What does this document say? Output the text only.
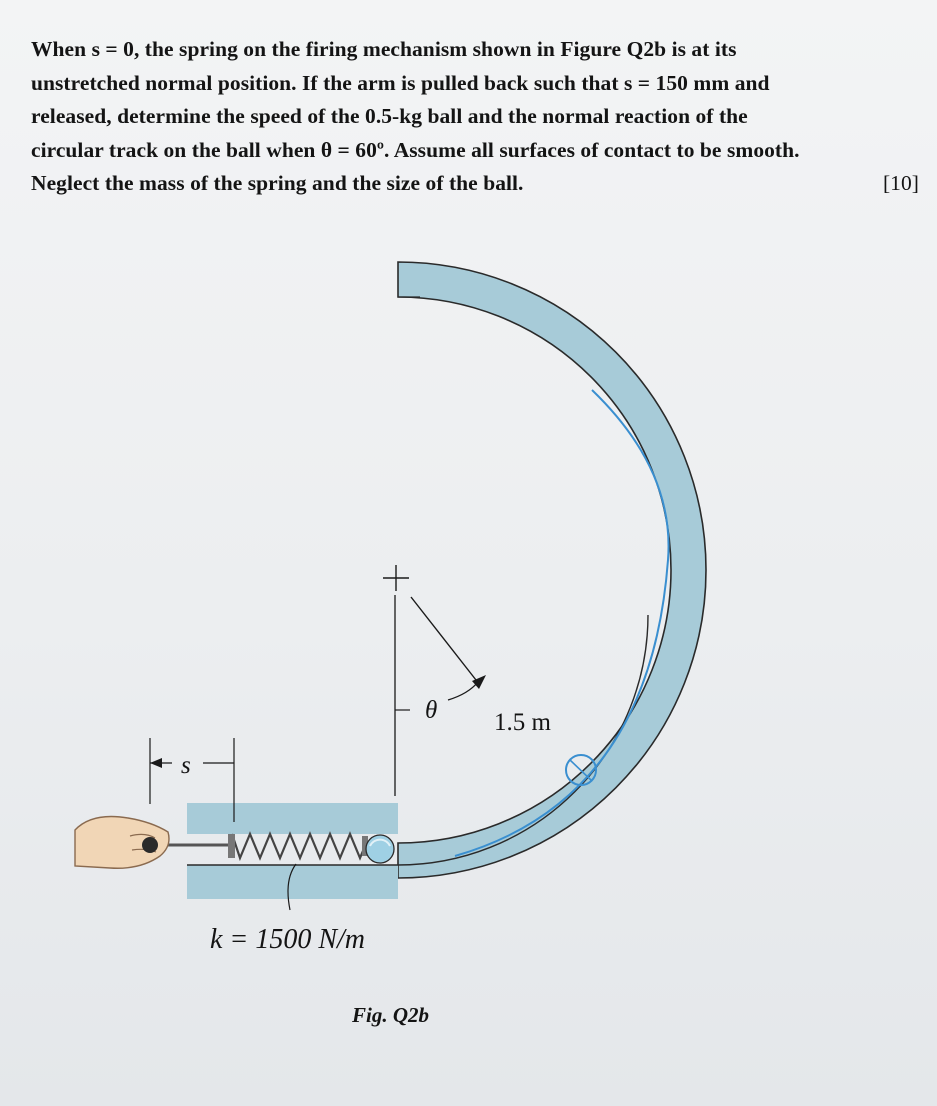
When s = 0, the spring on the firing mechanism shown in Figure Q2b is at its
unstretched normal position. If the arm is pulled back such that s = 150 mm and
released, determine the speed of the 0.5-kg ball and the normal reaction of the
circular track on the ball when θ = 60º. Assume all surfaces of contact to be smooth.
Neglect the mass of the spring and the size of the ball.	[10]
s
θ 1.5 m
k = 1500 N/m
Fig. Q2b
